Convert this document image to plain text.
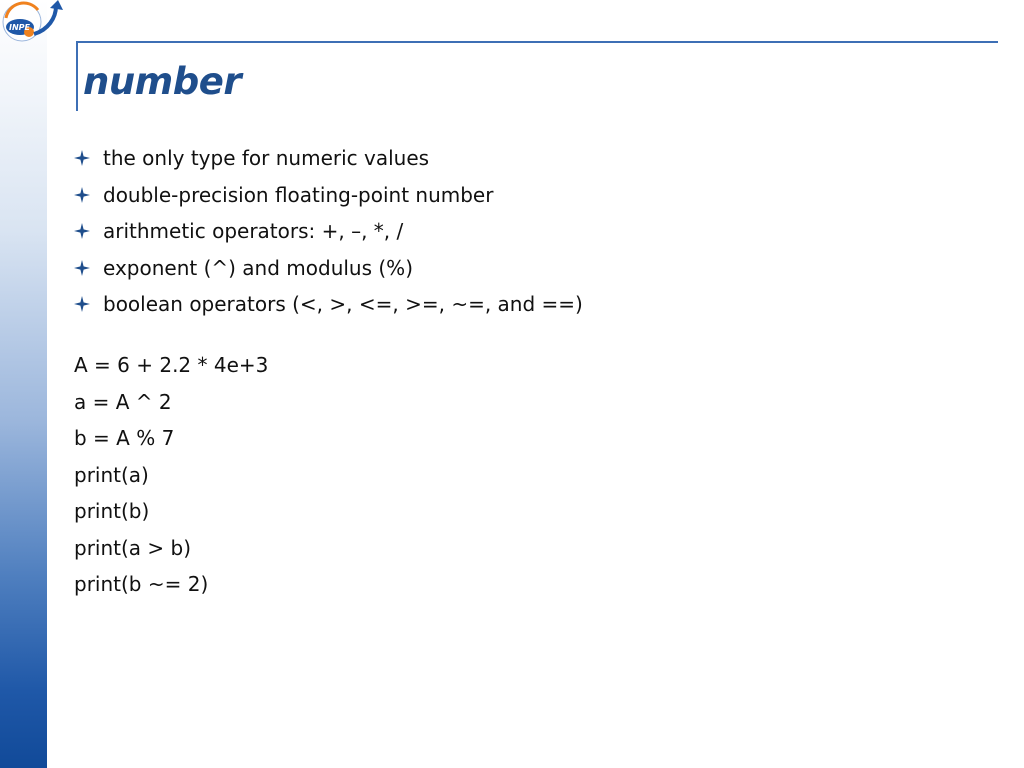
INPE
number
the only type for numeric values
double-precision floating-point number
arithmetic operators: +, –, *, /
exponent (^) and modulus (%)
boolean operators (<, >, <=, >=, ~=, and ==)
A = 6 + 2.2 * 4e+3
a = A ^ 2
b = A % 7
print(a)
print(b)
print(a > b)
print(b ~= 2)
